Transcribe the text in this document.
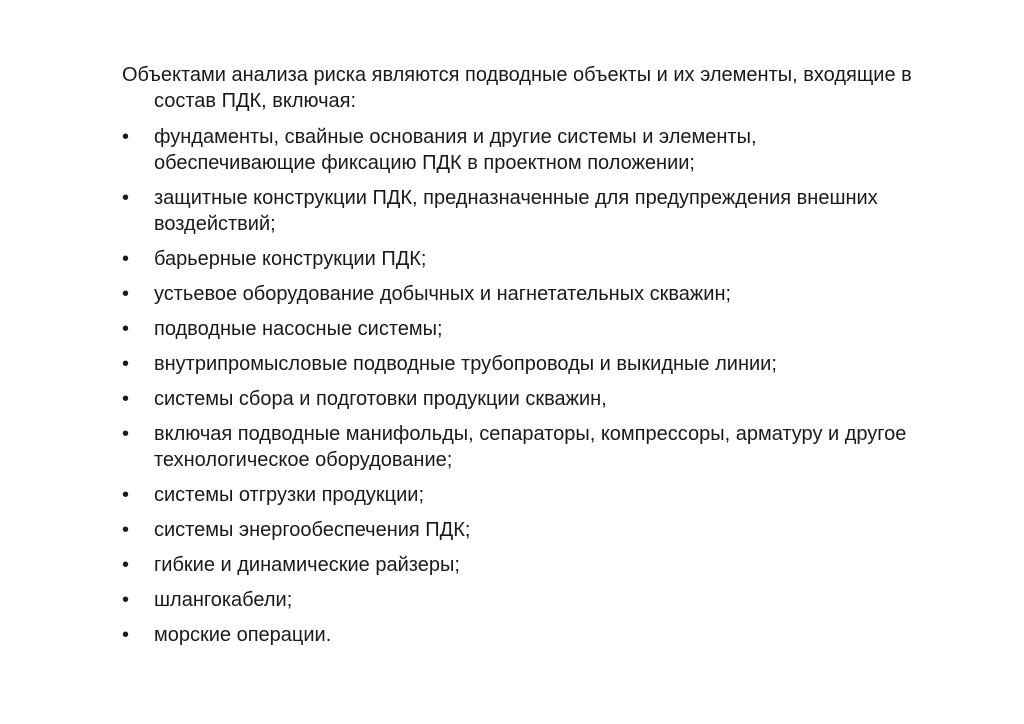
Объектами анализа риска являются подводные объекты и их элементы, входящие в состав ПДК, включая:

•	фундаменты, свайные основания и другие системы и элементы, обеспечивающие фиксацию ПДК в проектном положении;
•	защитные конструкции ПДК, предназначенные для предупреждения внешних воздействий;
•	барьерные конструкции ПДК;
•	устьевое оборудование добычных и нагнетательных скважин;
•	подводные насосные системы;
•	внутрипромысловые подводные трубопроводы и выкидные линии;
•	системы сбора и подготовки продукции скважин,
•	включая подводные манифольды, сепараторы, компрессоры, арматуру и другое технологическое оборудование;
•	системы отгрузки продукции;
•	системы энергообеспечения ПДК;
•	гибкие и динамические райзеры;
•	шлангокабели;
•	морские операции.
